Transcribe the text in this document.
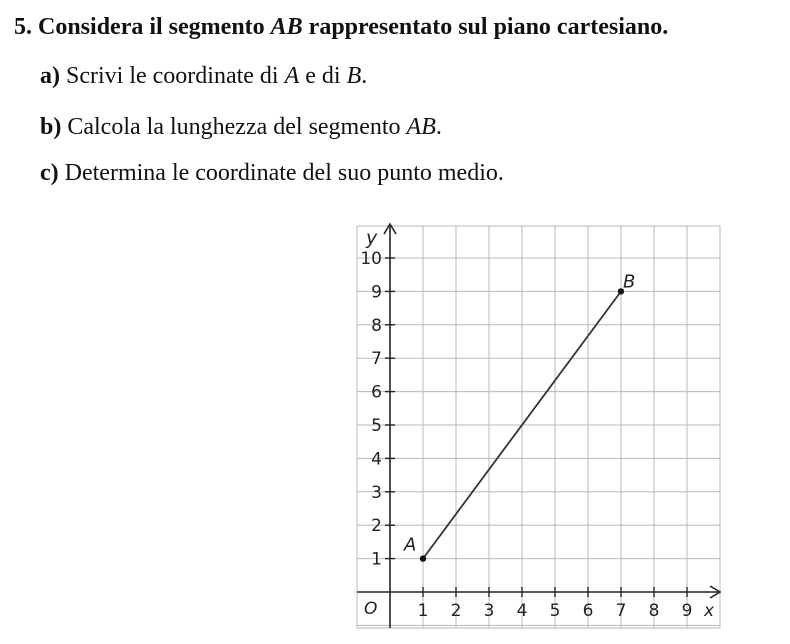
5. Considera il segmento AB rappresentato sul piano cartesiano.
a) Scrivi le coordinate di A e di B.
b) Calcola la lunghezza del segmento AB.
c) Determina le coordinate del suo punto medio.
1 2 3 4 5 6 7 8 9
1
2
3
4
5
6
7
8
9
10
x
y
O
A
B
